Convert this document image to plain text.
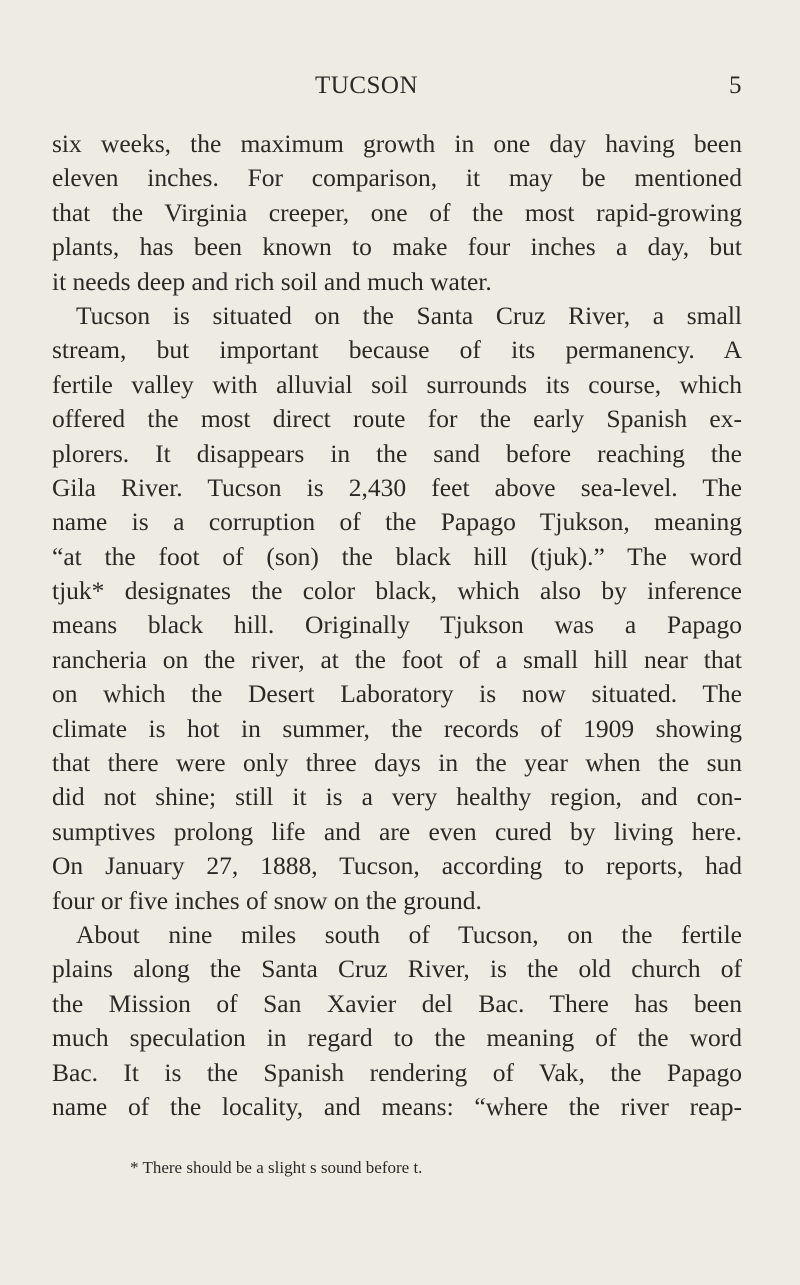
TUCSON	5
six weeks, the maximum growth in one day having been
eleven inches. For comparison, it may be mentioned
that the Virginia creeper, one of the most rapid-growing
plants, has been known to make four inches a day, but
it needs deep and rich soil and much water.
Tucson is situated on the Santa Cruz River, a small
stream, but important because of its permanency. A
fertile valley with alluvial soil surrounds its course, which
offered the most direct route for the early Spanish ex-
plorers. It disappears in the sand before reaching the
Gila River. Tucson is 2,430 feet above sea-level. The
name is a corruption of the Papago Tjukson, meaning
“at the foot of (son) the black hill (tjuk).” The word
tjuk* designates the color black, which also by inference
means black hill. Originally Tjukson was a Papago
rancheria on the river, at the foot of a small hill near that
on which the Desert Laboratory is now situated. The
climate is hot in summer, the records of 1909 showing
that there were only three days in the year when the sun
did not shine; still it is a very healthy region, and con-
sumptives prolong life and are even cured by living here.
On January 27, 1888, Tucson, according to reports, had
four or five inches of snow on the ground.
About nine miles south of Tucson, on the fertile
plains along the Santa Cruz River, is the old church of
the Mission of San Xavier del Bac. There has been
much speculation in regard to the meaning of the word
Bac. It is the Spanish rendering of Vak, the Papago
name of the locality, and means: “where the river reap-
* There should be a slight s sound before t.
